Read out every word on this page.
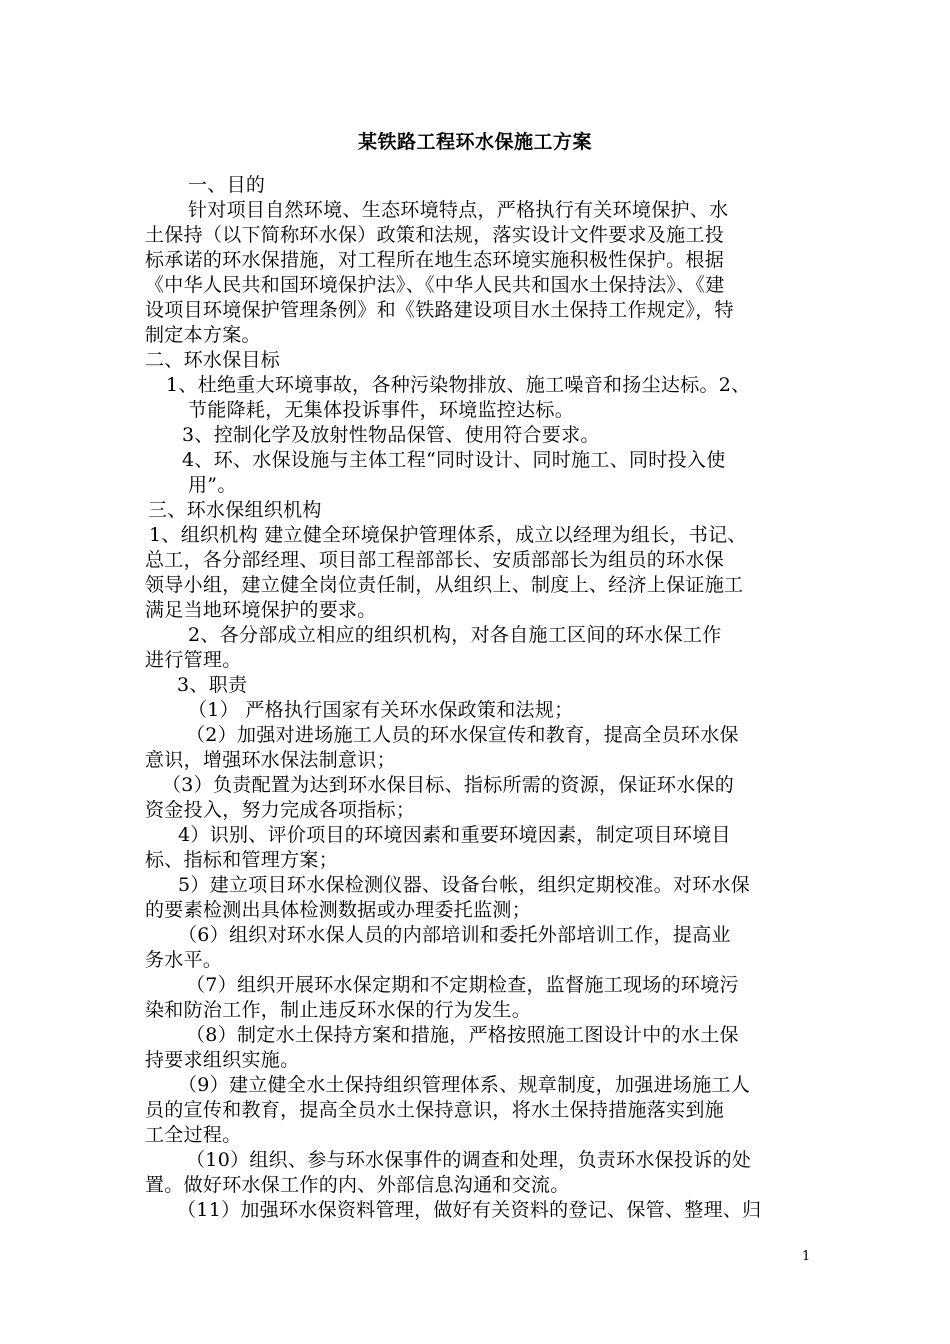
某铁路工程环水保施工方案

一、目的

针对项目自然环境、生态环境特点，严格执行有关环境保护、水

土保持（以下简称环水保）政策和法规，落实设计文件要求及施工投

标承诺的环水保措施，对工程所在地生态环境实施积极性保护。根据

《中华人民共和国环境保护法》、《中华人民共和国水土保持法》、《建

设项目环境保护管理条例》和《铁路建设项目水土保持工作规定》，特

制定本方案。

二、环水保目标

1、杜绝重大环境事故，各种污染物排放、施工噪音和扬尘达标。2、

节能降耗，无集体投诉事件，环境监控达标。

3、控制化学及放射性物品保管、使用符合要求。

4、环、水保设施与主体工程“同时设计、同时施工、同时投入使

用”。

三、环水保组织机构

1、组织机构 建立健全环境保护管理体系，成立以经理为组长，书记、

总工，各分部经理、项目部工程部部长、安质部部长为组员的环水保

领导小组，建立健全岗位责任制，从组织上、制度上、经济上保证施工

满足当地环境保护的要求。

2、各分部成立相应的组织机构，对各自施工区间的环水保工作

进行管理。

3、职责

（1） 严格执行国家有关环水保政策和法规；

（2）加强对进场施工人员的环水保宣传和教育，提高全员环水保

意识，增强环水保法制意识；

（3）负责配置为达到环水保目标、指标所需的资源，保证环水保的

资金投入，努力完成各项指标；

4）识别、评价项目的环境因素和重要环境因素，制定项目环境目

标、指标和管理方案；

5）建立项目环水保检测仪器、设备台帐，组织定期校准。对环水保

的要素检测出具体检测数据或办理委托监测；

（6）组织对环水保人员的内部培训和委托外部培训工作，提高业

务水平。

（7）组织开展环水保定期和不定期检查，监督施工现场的环境污

染和防治工作，制止违反环水保的行为发生。

（8）制定水土保持方案和措施，严格按照施工图设计中的水土保

持要求组织实施。

（9）建立健全水土保持组织管理体系、规章制度，加强进场施工人

员的宣传和教育，提高全员水土保持意识，将水土保持措施落实到施

工全过程。

（10）组织、参与环水保事件的调查和处理，负责环水保投诉的处

置。做好环水保工作的内、外部信息沟通和交流。

（11）加强环水保资料管理，做好有关资料的登记、保管、整理、归

1
